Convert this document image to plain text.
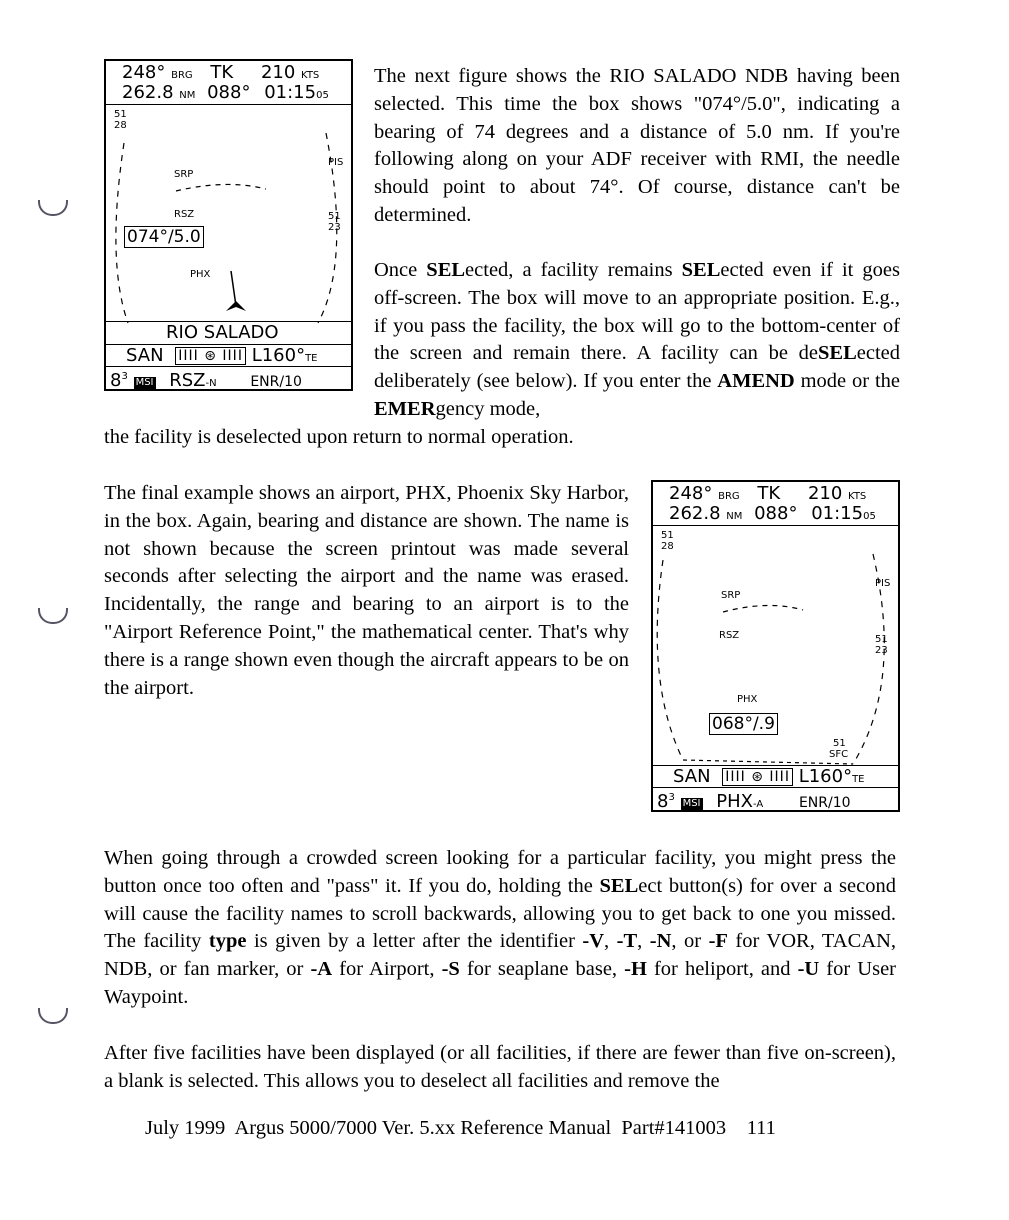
248° BRG TK 210 KTS
262.8 NM 088° 01:1505
51
28
PIS
SRP
RSZ	51
23
074°/5.0
PHX
RIO SALADO
SAN IIII ⊛ IIII L160°TE
$8^3$ MSI RSZ-N ENR/10

The next figure shows the RIO SALADO NDB having been selected. This time the box shows "074°/5.0", indicating a bearing of 74 degrees and a distance of 5.0 nm. If you're following along on your ADF receiver with RMI, the needle should point to about 74°. Of course, distance can't be determined.

Once SELected, a facility remains SELected even if it goes off-screen. The box will move to an appropriate position. E.g., if you pass the facility, the box will go to the bottom-center of the screen and remain there. A facility can be deSELected deliberately (see below). If you enter the AMEND mode or the EMERgency mode,

the facility is deselected upon return to normal operation.

The final example shows an airport, PHX, Phoenix Sky Harbor, in the box. Again, bearing and distance are shown. The name is not shown because the screen printout was made several seconds after selecting the airport and the name was erased. Incidentally, the range and bearing to an airport is to the "Airport Reference Point," the mathematical center. That's why there is a range shown even though the aircraft appears to be on the airport.

248° BRG TK 210 KTS
262.8 NM 088° 01:1505
51
28
PIS
SRP
RSZ	51
23
PHX
068°/.9
51
SFC
SAN IIII ⊛ IIII L160°TE
$8^3$ MSI PHX-A	ENR/10

When going through a crowded screen looking for a particular facility, you might press the button once too often and "pass" it. If you do, holding the SELect button(s) for over a second will cause the facility names to scroll backwards, allowing you to get back to one you missed. The facility type is given by a letter after the identifier -V, -T, -N, or -F for VOR, TACAN, NDB, or fan marker, or -A for Airport, -S for seaplane base, -H for heliport, and -U for User Waypoint.

After five facilities have been displayed (or all facilities, if there are fewer than five on-screen), a blank is selected. This allows you to deselect all facilities and remove the

July 1999 Argus 5000/7000 Ver. 5.xx Reference Manual Part#141003 111
